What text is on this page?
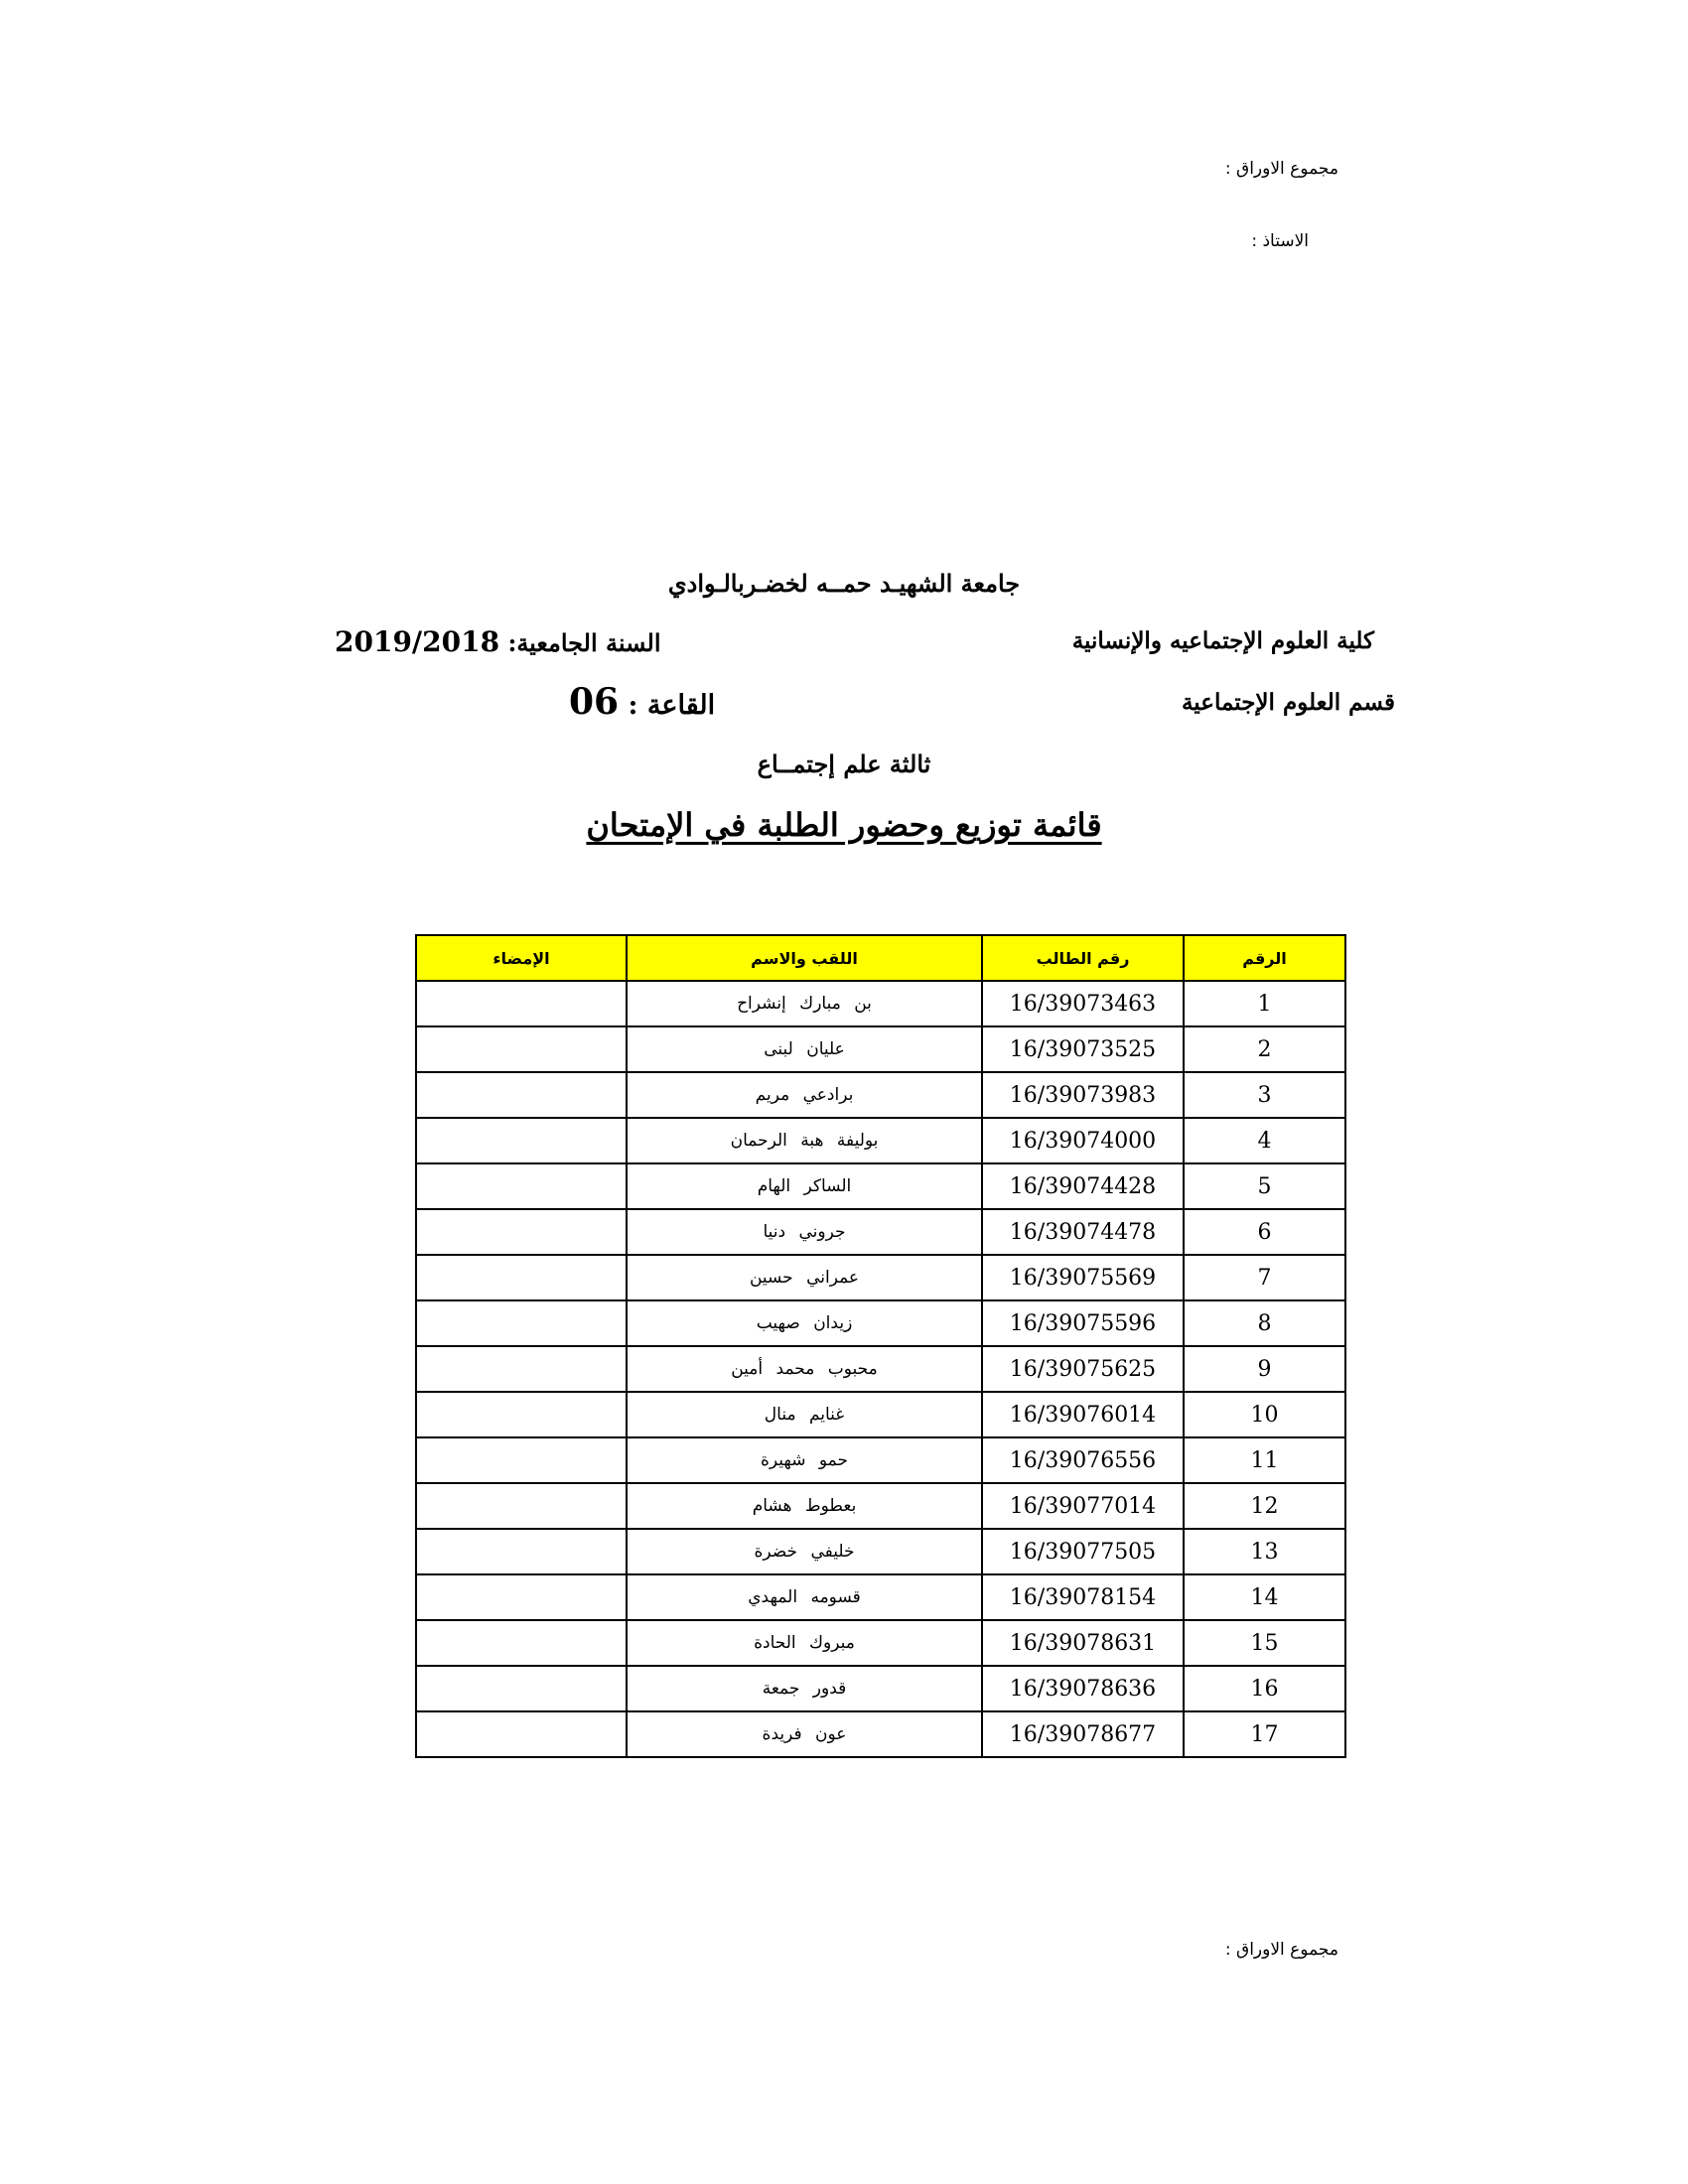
مجموع الاوراق :
الاستاذ :
جامعة الشهيـد حمــه لخضـربالـوادي
كلية العلوم الإجتماعيه والإنسانية
السنة الجامعية: 2019/2018
قسم العلوم الإجتماعية
القاعة : 06
ثالثة علم إجتمــاع
قائمة توزيع وحضور الطلبة في الإمتحان
الرقم	رقم الطالب	اللقب والاسم	الإمضاء
1	16/39073463	بن مبارك إنشراح	
2	16/39073525	عليان لبنى	
3	16/39073983	برادعي مريم	
4	16/39074000	بوليفة هبة الرحمان	
5	16/39074428	الساكر الهام	
6	16/39074478	جروني دنيا	
7	16/39075569	عمراني حسين	
8	16/39075596	زيدان صهيب	
9	16/39075625	محبوب محمد أمين	
10	16/39076014	غنايم منال	
11	16/39076556	حمو شهيرة	
12	16/39077014	بعطوط هشام	
13	16/39077505	خليفي خضرة	
14	16/39078154	قسومه المهدي	
15	16/39078631	مبروك الحادة	
16	16/39078636	قدور جمعة	
17	16/39078677	عون فريدة	
مجموع الاوراق :
